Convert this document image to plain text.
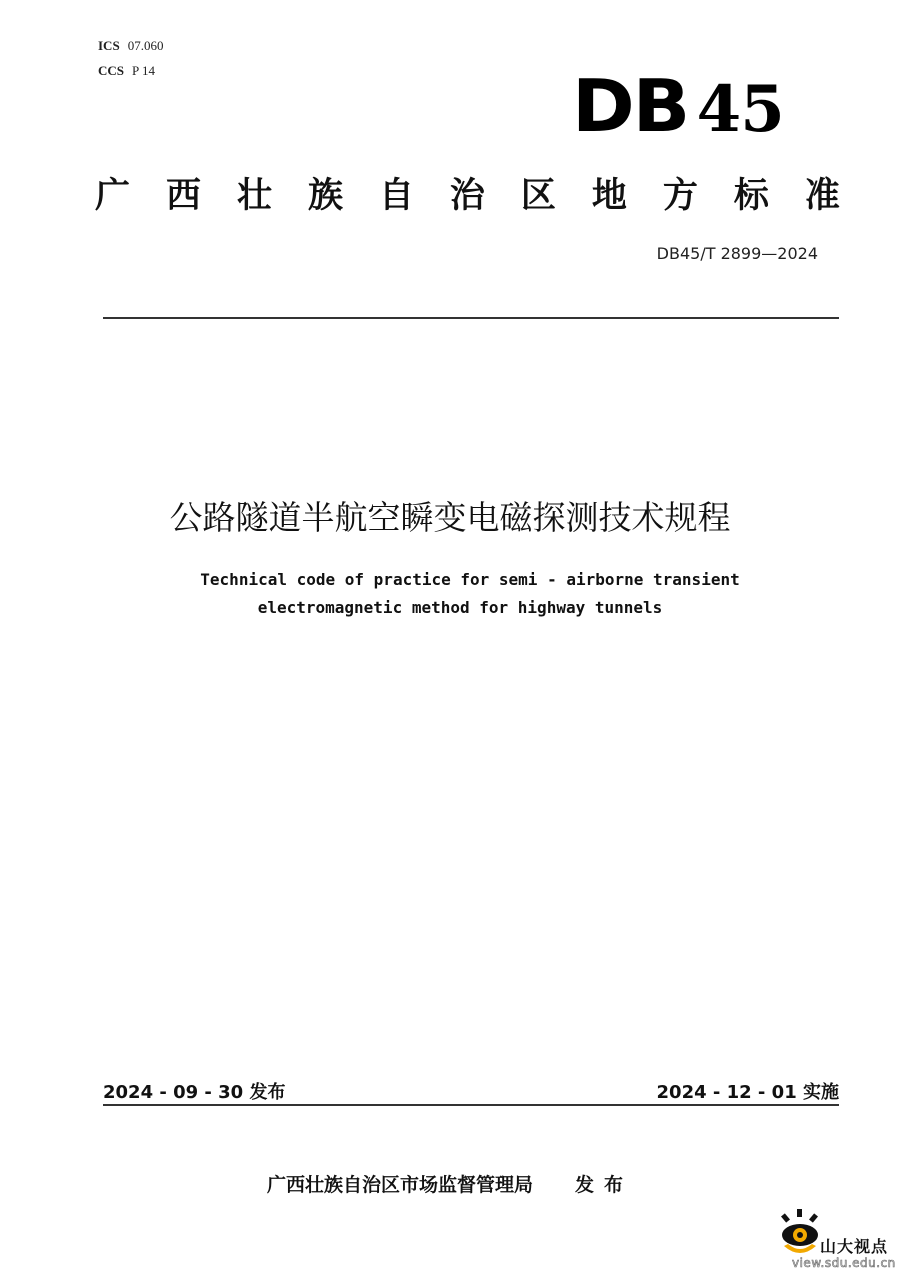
ICS 07.060
CCS P 14	DB 45
广 西 壮 族 自 治 区 地 方 标 准
DB45/T 2899—2024
公路隧道半航空瞬变电磁探测技术规程
Technical code of practice for semi - airborne transient
electromagnetic method for highway tunnels
2024 - 09 - 30 发布	2024 - 12 - 01 实施
广西壮族自治区市场监督管理局 发布
山大视点
view.sdu.edu.cn
